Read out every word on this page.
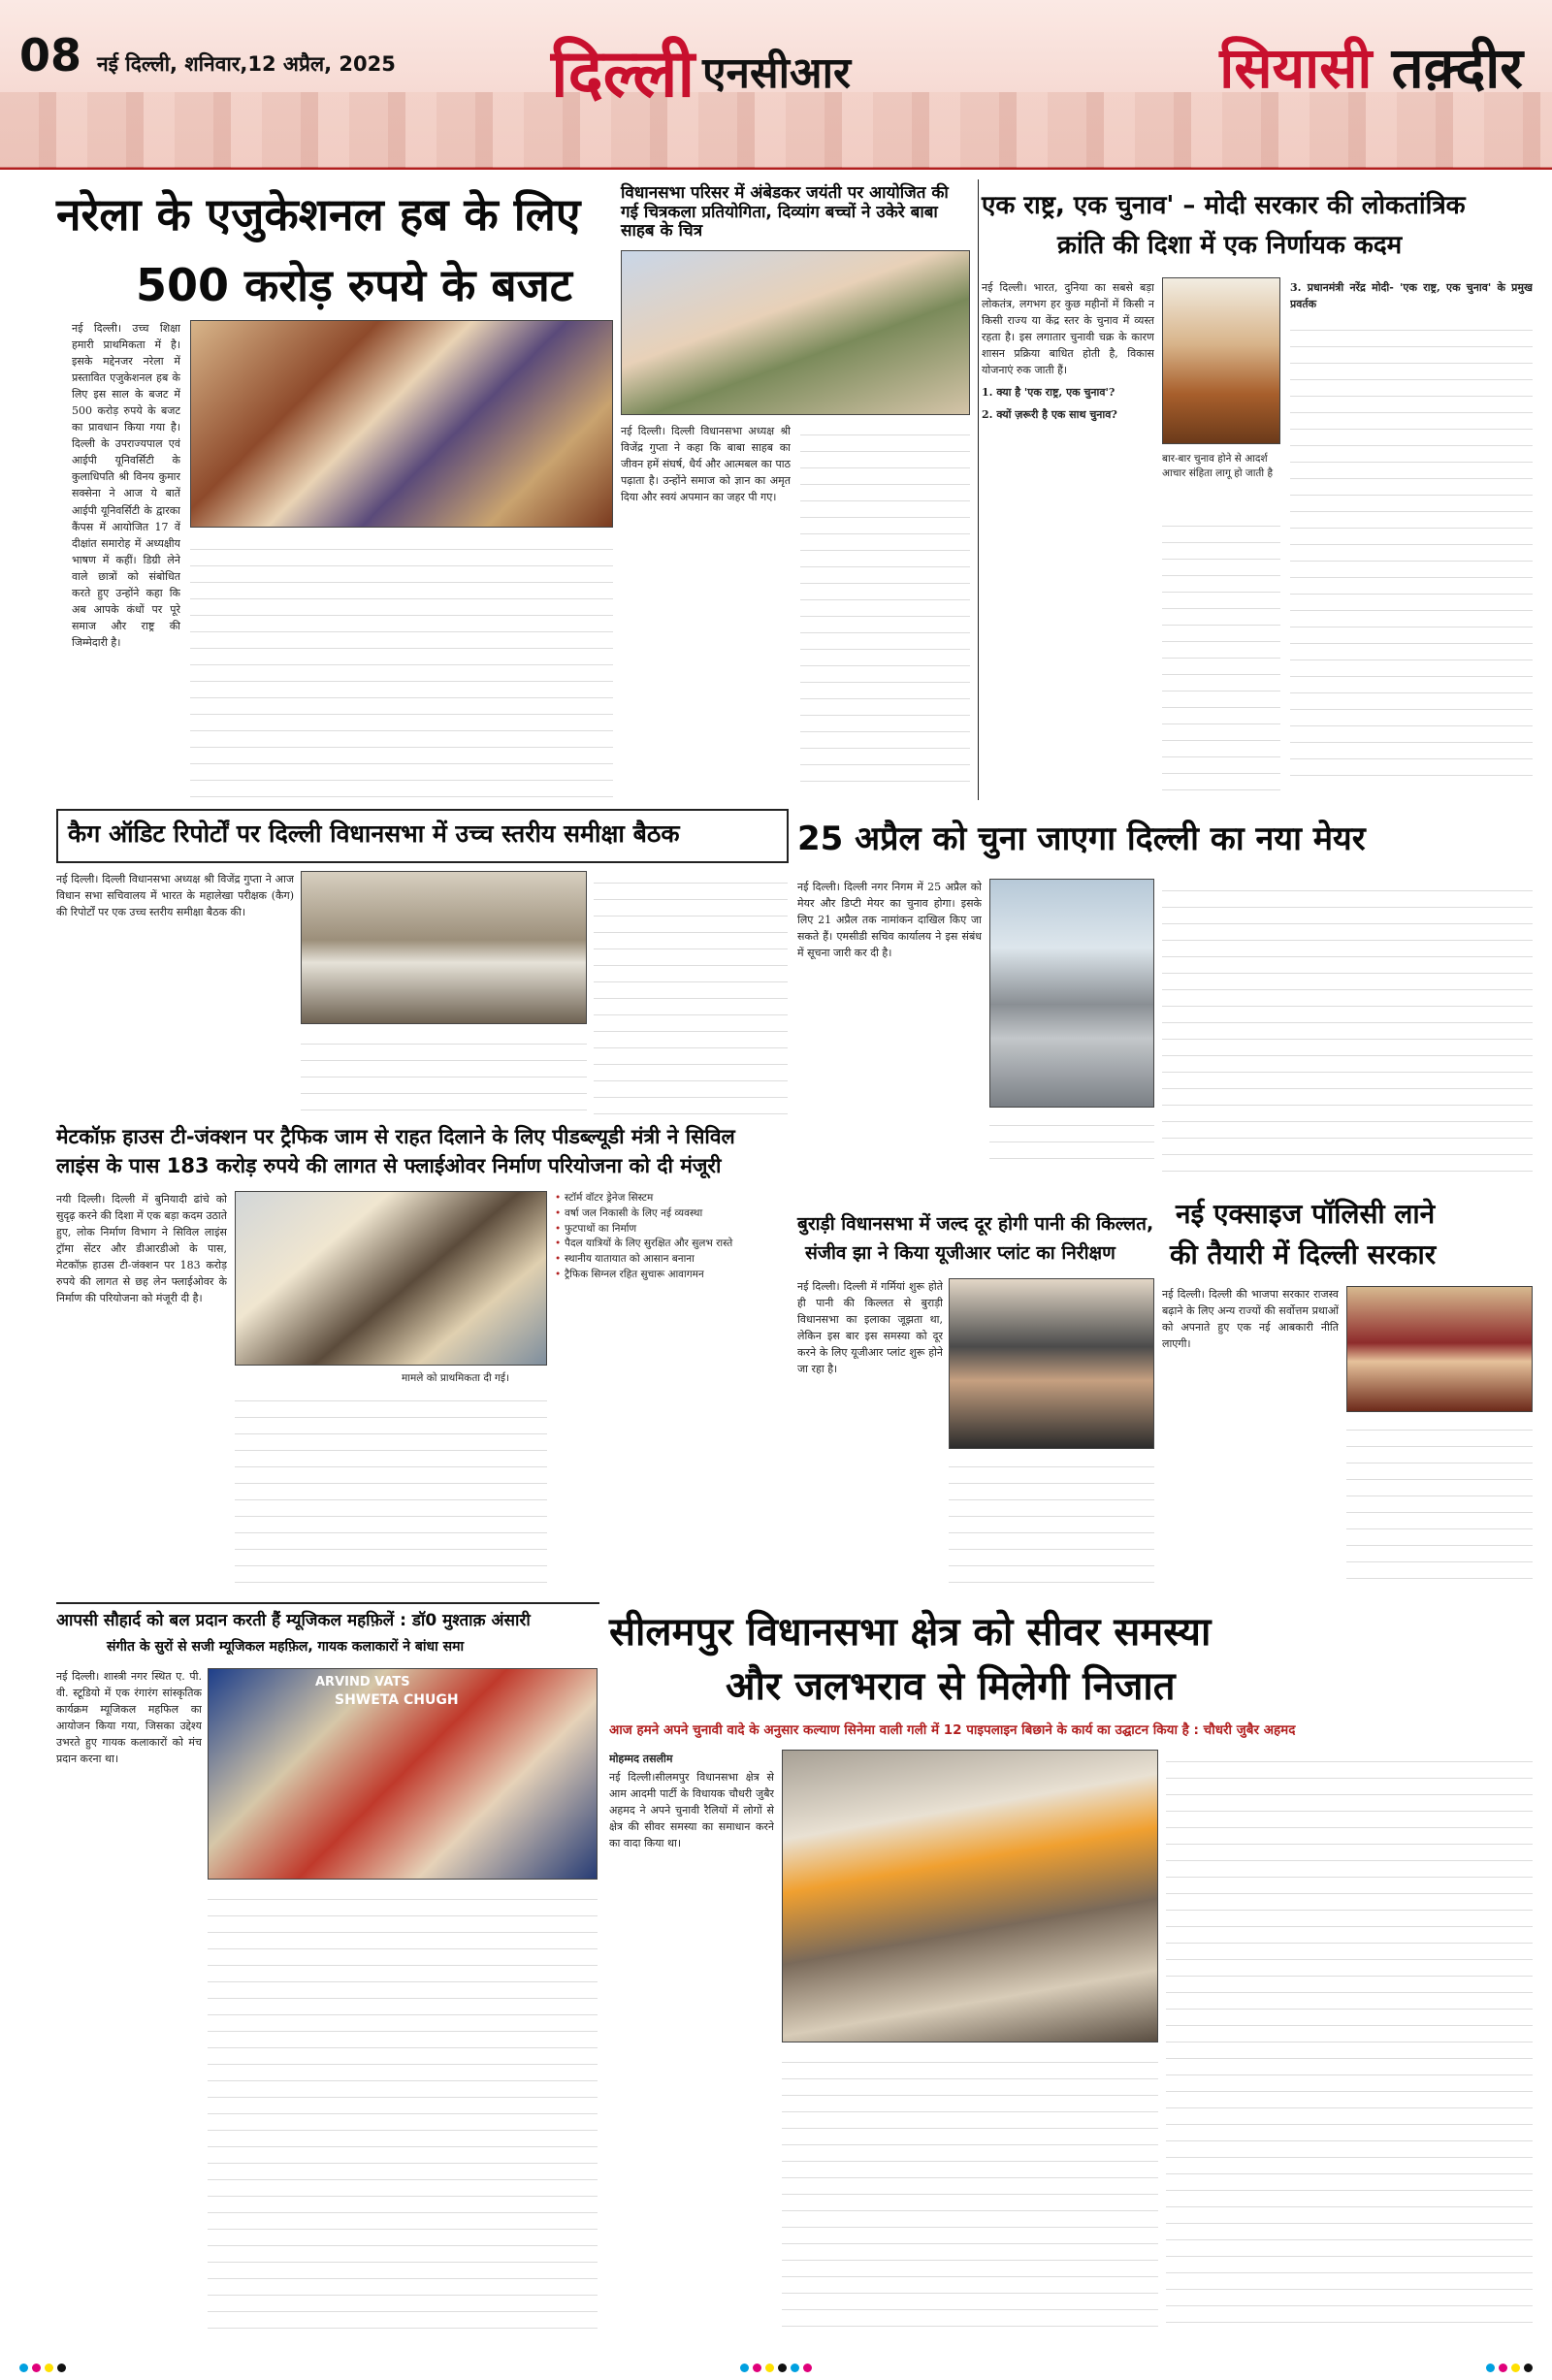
08 नई दिल्ली, शनिवार,12 अप्रैल, 2025 दिल्ली एनसीआर	सियासी तक़्दीर
नरेला के एजुकेशनल हब के लिए
500 करोड़ रुपये के बजट
नई दिल्ली। उच्च शिक्षा हमारी प्राथमिकता में है।इसके मद्देनजर नरेला में प्रस्तावित एजुकेशनल हब के लिए इस साल के बजट में 500 करोड़ रुपये के बजट का प्रावधान किया गया है। दिल्ली के उपराज्यपाल एवं आईपी यूनिवर्सिटी के कुलाधिपति श्री विनय कुमार सक्सेना ने आज ये बातें आईपी यूनिवर्सिटी के द्वारका कैंपस में आयोजित 17 वें दीक्षांत समारोह में अध्यक्षीय भाषण में कहीं। डिग्री लेने वाले छात्रों को संबोधित करते हुए उन्होंने कहा कि अब आपके कंधों पर पूरे समाज और राष्ट्र की जिम्मेदारी है।
विधानसभा परिसर में अंबेडकर जयंती पर आयोजित की गई चित्रकला प्रतियोगिता, दिव्यांग बच्चों ने उकेरे बाबा साहब के चित्र
नई दिल्ली। दिल्ली विधानसभा अध्यक्ष श्री विजेंद्र गुप्ता ने कहा कि बाबा साहब का जीवन हमें संघर्ष, धैर्य और आत्मबल का पाठ पढ़ाता है। उन्होंने समाज को ज्ञान का अमृत दिया और स्वयं अपमान का जहर पी गए।
एक राष्ट्र, एक चुनाव' – मोदी सरकार की लोकतांत्रिक
क्रांति की दिशा में एक निर्णायक कदम
नई दिल्ली। भारत, दुनिया का सबसे बड़ा लोकतंत्र, लगभग हर कुछ महीनों में किसी न किसी राज्य या केंद्र स्तर के चुनाव में व्यस्त रहता है। इस लगातार चुनावी चक्र के कारण शासन प्रक्रिया बाधित होती है, विकास योजनाएं रुक जाती हैं।
1. क्या है 'एक राष्ट्र, एक चुनाव'?
2. क्यों ज़रूरी है एक साथ चुनाव?
बार-बार चुनाव होने से आदर्श आचार संहिता लागू हो जाती है
3. प्रधानमंत्री नरेंद्र मोदी- 'एक राष्ट्र, एक चुनाव' के प्रमुख प्रवर्तक
कैग ऑडिट रिपोर्टों पर दिल्ली विधानसभा में उच्च स्तरीय समीक्षा बैठक
नई दिल्ली। दिल्ली विधानसभा अध्यक्ष श्री विजेंद्र गुप्ता ने आज विधान सभा सचिवालय में भारत के महालेखा परीक्षक (कैग) की रिपोर्टों पर एक उच्च स्तरीय समीक्षा बैठक की।
25 अप्रैल को चुना जाएगा दिल्ली का नया मेयर
नई दिल्ली। दिल्ली नगर निगम में 25 अप्रैल को मेयर और डिप्टी मेयर का चुनाव होगा। इसके लिए 21 अप्रैल तक नामांकन दाखिल किए जा सकते हैं। एमसीडी सचिव कार्यालय ने इस संबंध में सूचना जारी कर दी है।
मेटकॉफ़ हाउस टी-जंक्शन पर ट्रैफिक जाम से राहत दिलाने के लिए पीडब्ल्यूडी मंत्री ने सिविल
लाइंस के पास 183 करोड़ रुपये की लागत से फ्लाईओवर निर्माण परियोजना को दी मंजूरी
नयी दिल्ली। दिल्ली में बुनियादी ढांचे को सुदृढ़ करने की दिशा में एक बड़ा कदम उठाते हुए, लोक निर्माण विभाग ने सिविल लाइंस ट्रॉमा सेंटर और डीआरडीओ के पास, मेटकॉफ़ हाउस टी-जंक्शन पर 183 करोड़ रुपये की लागत से छह लेन फ्लाईओवर के निर्माण की परियोजना को मंजूरी दी है।
मामले को प्राथमिकता दी गई।
• स्टॉर्म वॉटर ड्रेनेज सिस्टम
• वर्षा जल निकासी के लिए नई व्यवस्था
• फुटपाथों का निर्माण
• पैदल यात्रियों के लिए सुरक्षित और सुलभ रास्ते
• स्थानीय यातायात को आसान बनाना
• ट्रैफिक सिग्नल रहित सुचारू आवागमन
बुराड़ी विधानसभा में जल्द दूर होगी पानी की किल्लत,
संजीव झा ने किया यूजीआर प्लांट का निरीक्षण
नई दिल्ली। दिल्ली में गर्मियां शुरू होते ही पानी की किल्लत से बुराड़ी विधानसभा का इलाका जूझता था, लेकिन इस बार इस समस्या को दूर करने के लिए यूजीआर प्लांट शुरू होने जा रहा है।
नई एक्साइज पॉलिसी लाने
की तैयारी में दिल्ली सरकार
नई दिल्ली। दिल्ली की भाजपा सरकार राजस्व बढ़ाने के लिए अन्य राज्यों की सर्वोत्तम प्रथाओं को अपनाते हुए एक नई आबकारी नीति लाएगी।
आपसी सौहार्द को बल प्रदान करती हैं म्यूजिकल महफ़िलें : डॉ0 मुश्ताक़ अंसारी
संगीत के सुरों से सजी म्यूजिकल महफ़िल, गायक कलाकारों ने बांधा समा
नई दिल्ली। शास्त्री नगर स्थित ए. पी. वी. स्टूडियो में एक रंगारंग सांस्कृतिक कार्यक्रम म्यूजिकल महफिल का आयोजन किया गया, जिसका उद्देश्य उभरते हुए गायक कलाकारों को मंच प्रदान करना था।
ARVIND VATS
SHWETA CHUGH
सीलमपुर विधानसभा क्षेत्र को सीवर समस्या
और जलभराव से मिलेगी निजात
आज हमने अपने चुनावी वादे के अनुसार कल्याण सिनेमा वाली गली में 12 पाइपलाइन बिछाने के कार्य का उद्घाटन किया है : चौधरी जुबैर अहमद
मोहम्मद तसलीम
नई दिल्ली।सीलमपुर विधानसभा क्षेत्र से आम आदमी पार्टी के विधायक चौधरी जुबैर अहमद ने अपने चुनावी रैलियों में लोगों से क्षेत्र की सीवर समस्या का समाधान करने का वादा किया था।
